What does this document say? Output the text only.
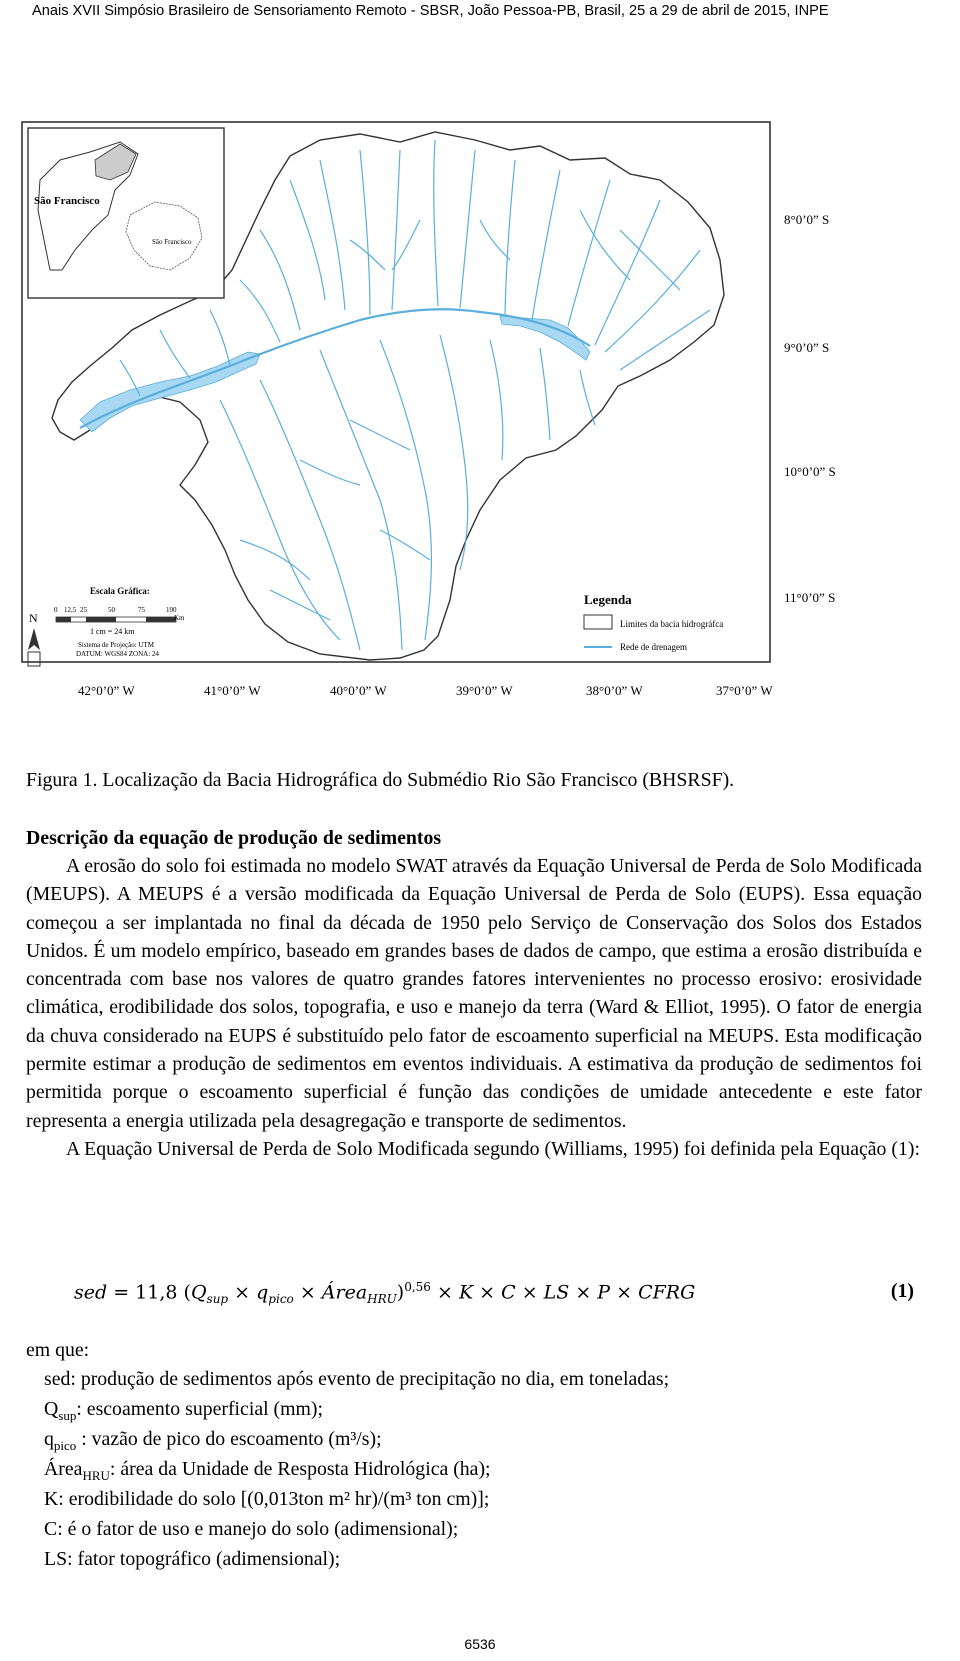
Anais XVII Simpósio Brasileiro de Sensoriamento Remoto - SBSR, João Pessoa-PB, Brasil, 25 a 29 de abril de 2015, INPE
São Francisco
São Francisco
N
Escala Gráfica:
0 12,5 25	50	75	100
Km
1 cm = 24 km
Sistema de Projeção: UTM
DATUM: WGS84 ZONA: 24
Legenda
Limites da bacia hidrográfca
Rede de drenagem
8°0’0” S
9°0’0” S
10°0’0” S
11°0’0” S
42°0’0” W	41°0’0” W	40°0’0” W	39°0’0” W	38°0’0” W	37°0’0” W
Figura 1. Localização da Bacia Hidrográfica do Submédio Rio São Francisco (BHSRSF).
Descrição da equação de produção de sedimentos

A erosão do solo foi estimada no modelo SWAT através da Equação Universal de Perda de Solo Modificada (MEUPS). A MEUPS é a versão modificada da Equação Universal de Perda de Solo (EUPS). Essa equação começou a ser implantada no final da década de 1950 pelo Serviço de Conservação dos Solos dos Estados Unidos. É um modelo empírico, baseado em grandes bases de dados de campo, que estima a erosão distribuída e concentrada com base nos valores de quatro grandes fatores intervenientes no processo erosivo: erosividade climática, erodibilidade dos solos, topografia, e uso e manejo da terra (Ward & Elliot, 1995). O fator de energia da chuva considerado na EUPS é substituído pelo fator de escoamento superficial na MEUPS. Esta modificação permite estimar a produção de sedimentos em eventos individuais. A estimativa da produção de sedimentos foi permitida porque o escoamento superficial é função das condições de umidade antecedente e este fator representa a energia utilizada pela desagregação e transporte de sedimentos.

A Equação Universal de Perda de Solo Modificada segundo (Williams, 1995) foi definida pela Equação (1):

sed = 11,8 ($Q_{sup} \times q_{pico}$ × Área$_{HRU}$)$^{0,56}$ × K × C × LS × P × CFRG	(1)
em que:
sed: produção de sedimentos após evento de precipitação no dia, em toneladas;
$Q_{sup}$: escoamento superficial (mm);
$q_{pico}$ : vazão de pico do escoamento (m³/s);
Área$_{HRU}$: área da Unidade de Resposta Hidrológica (ha);
K: erodibilidade do solo [(0,013ton m² hr)/(m³ ton cm)];
C: é o fator de uso e manejo do solo (adimensional);
LS: fator topográfico (adimensional);
6536
